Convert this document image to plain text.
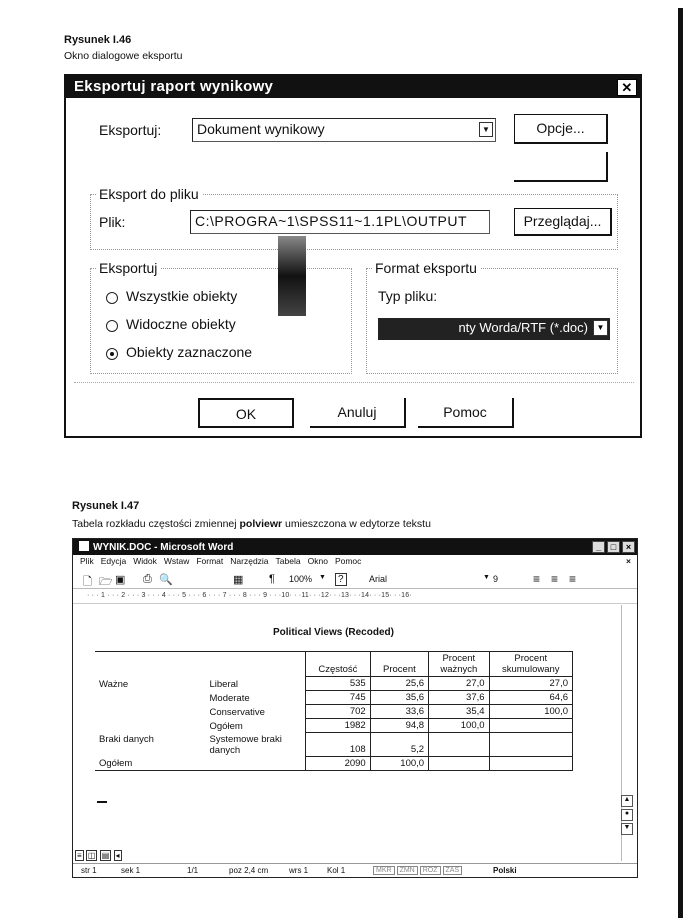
Rysunek I.46
Okno dialogowe eksportu
Eksportuj raport wynikowy	✕
Eksportuj:	Dokument wynikowy	▼	Opcje...
Eksport do pliku
Plik:	C:\PROGRA~1\SPSS11~1.1PL\OUTPUT	Przeglądaj...
Eksportuj
Wszystkie obiekty
Widoczne obiekty
Obiekty zaznaczone
Format eksportu
Typ pliku:
nty Worda/RTF (*.doc)	▼
OK	Anuluj	Pomoc
Rysunek I.47
Tabela rozkładu częstości zmiennej polviewr umieszczona w edytorze tekstu
WYNIK.DOC - Microsoft Word	_	□	×
Plik Edycja Widok Wstaw Format Narzędzia Tabela Okno Pomoc	×
🗋 🗁 ▣ ⎙ 🔍	▦ ¶ 100% ▼	?	Arial	▼ 9	≡ ≡ ≡
· · · 1 · · · 2 · · · 3 · · · 4 · · · 5 · · · 6 · · · 7 · · · 8 · · · 9 · · ·10· · ·11· · ·12· · ·13· · ·14· · ·15· · ·16·
Political Views (Recoded)
		Częstość	Procent	Procent ważnych	Procent skumulowany
Ważne	Liberal	535	25,6	27,0	27,0
	Moderate	745	35,6	37,6	64,6
	Conservative	702	33,6	35,4	100,0
	Ogółem	1982	94,8	100,0	
Braki danych	Systemowe braki danych	108	5,2		
Ogółem		2090	100,0		
▲
●
▼
≡ ◫ ▤ ◂
str 1	sek 1	1/1	poz 2,4 cm	wrs 1 Kol 1	MKR ZMN ROZ ZAS	Polski
